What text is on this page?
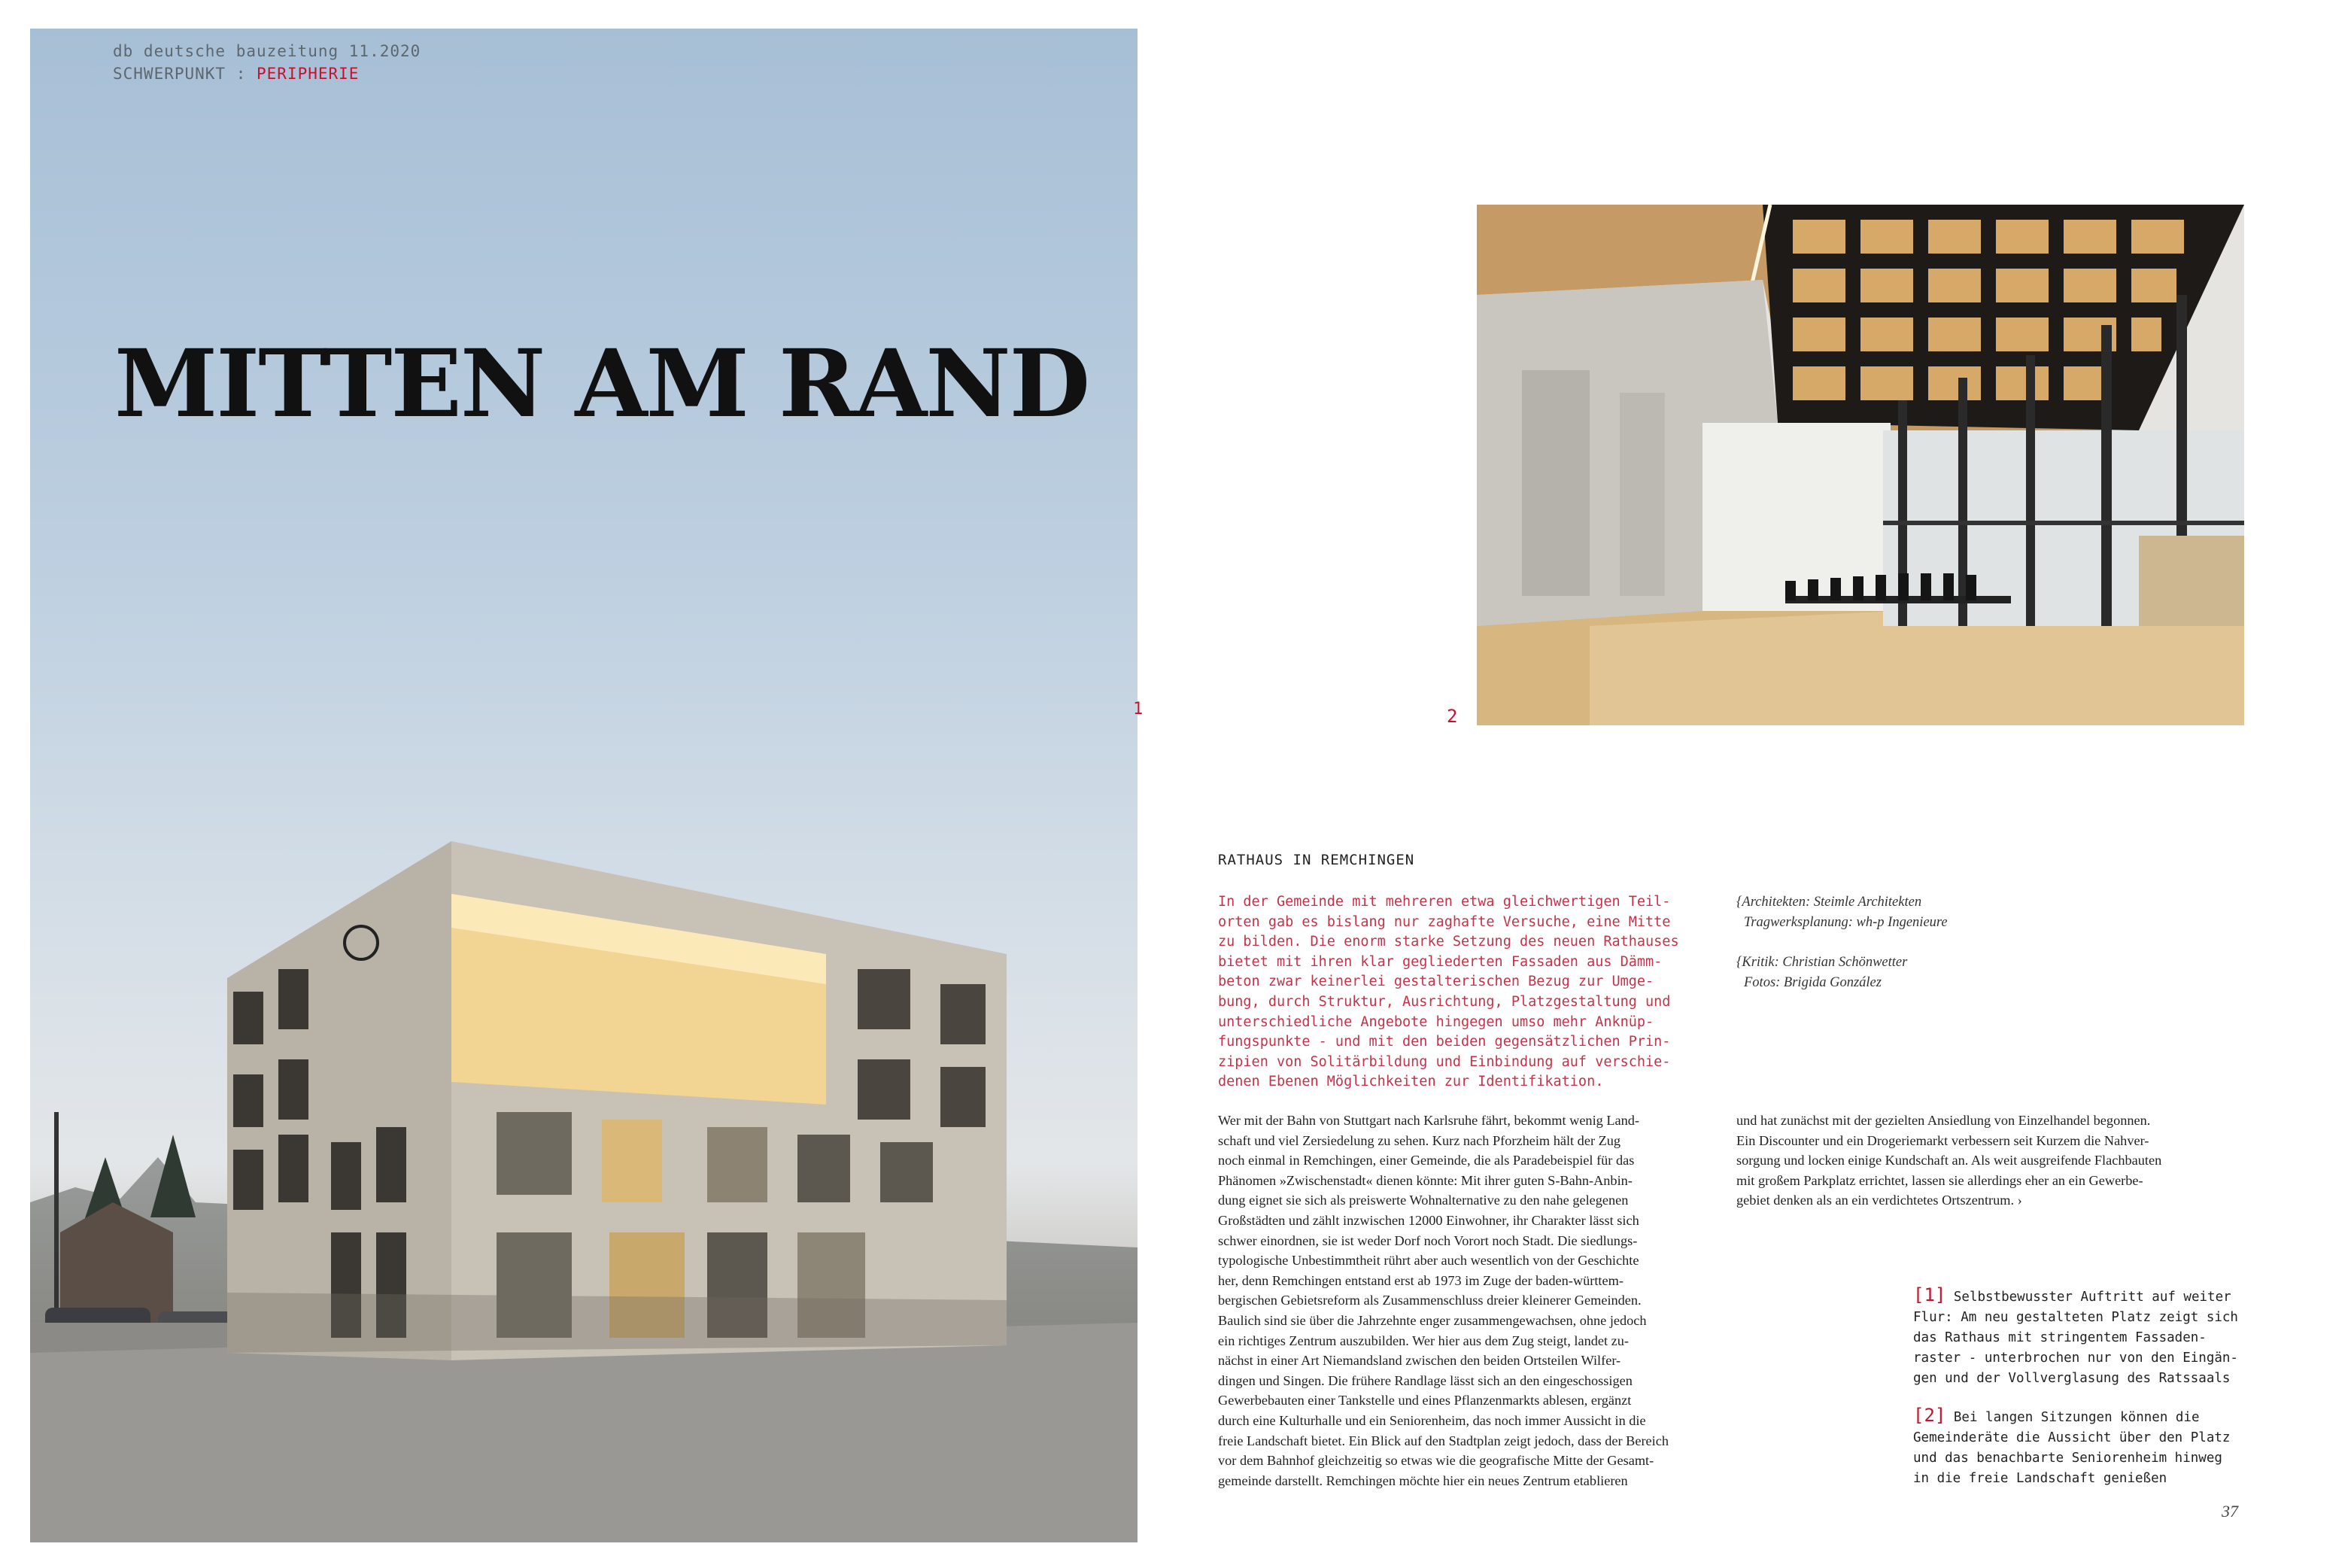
db deutsche bauzeitung 11.2020
SCHWERPUNKT : PERIPHERIE
MITTEN AM RAND
1	2
RATHAUS IN REMCHINGEN
In der Gemeinde mit mehreren etwa gleichwertigen Teil-
orten gab es bislang nur zaghafte Versuche, eine Mitte
zu bilden. Die enorm starke Setzung des neuen Rathauses
bietet mit ihren klar gegliederten Fassaden aus Dämm-
beton zwar keinerlei gestalterischen Bezug zur Umge-
bung, durch Struktur, Ausrichtung, Platzgestaltung und
unterschiedliche Angebote hingegen umso mehr Anknüp-
fungspunkte - und mit den beiden gegensätzlichen Prin-
zipien von Solitärbildung und Einbindung auf verschie-
denen Ebenen Möglichkeiten zur Identifikation.
{Architekten: Steimle Architekten
Tragwerksplanung: wh-p Ingenieure
{Kritik: Christian Schönwetter
Fotos: Brigida González
Wer mit der Bahn von Stuttgart nach Karlsruhe fährt, bekommt wenig Land-
schaft und viel Zersiedelung zu sehen. Kurz nach Pforzheim hält der Zug
noch einmal in Remchingen, einer Gemeinde, die als Paradebeispiel für das
Phänomen »Zwischenstadt« dienen könnte: Mit ihrer guten S-Bahn-Anbin-
dung eignet sie sich als preiswerte Wohnalternative zu den nahe gelegenen
Großstädten und zählt inzwischen 12000 Einwohner, ihr Charakter lässt sich
schwer einordnen, sie ist weder Dorf noch Vorort noch Stadt. Die siedlungs-
typologische Unbestimmtheit rührt aber auch wesentlich von der Geschichte
her, denn Remchingen entstand erst ab 1973 im Zuge der baden-württem-
bergischen Gebietsreform als Zusammenschluss dreier kleinerer Gemeinden.
Baulich sind sie über die Jahrzehnte enger zusammengewachsen, ohne jedoch
ein richtiges Zentrum auszubilden. Wer hier aus dem Zug steigt, landet zu-
nächst in einer Art Niemandsland zwischen den beiden Ortsteilen Wilfer-
dingen und Singen. Die frühere Randlage lässt sich an den eingeschossigen
Gewerbebauten einer Tankstelle und eines Pflanzenmarkts ablesen, ergänzt
durch eine Kulturhalle und ein Seniorenheim, das noch immer Aussicht in die
freie Landschaft bietet. Ein Blick auf den Stadtplan zeigt jedoch, dass der Bereich
vor dem Bahnhof gleichzeitig so etwas wie die geografische Mitte der Gesamt-
gemeinde darstellt. Remchingen möchte hier ein neues Zentrum etablieren
und hat zunächst mit der gezielten Ansiedlung von Einzelhandel begonnen.
Ein Discounter und ein Drogeriemarkt verbessern seit Kurzem die Nahver-
sorgung und locken einige Kundschaft an. Als weit ausgreifende Flachbauten
mit großem Parkplatz errichtet, lassen sie allerdings eher an ein Gewerbe-
gebiet denken als an ein verdichtetes Ortszentrum. ›
[1] Selbstbewusster Auftritt auf weiter
Flur: Am neu gestalteten Platz zeigt sich
das Rathaus mit stringentem Fassaden-
raster - unterbrochen nur von den Eingän-
gen und der Vollverglasung des Ratssaals
[2] Bei langen Sitzungen können die
Gemeinderäte die Aussicht über den Platz
und das benachbarte Seniorenheim hinweg
in die freie Landschaft genießen
37
